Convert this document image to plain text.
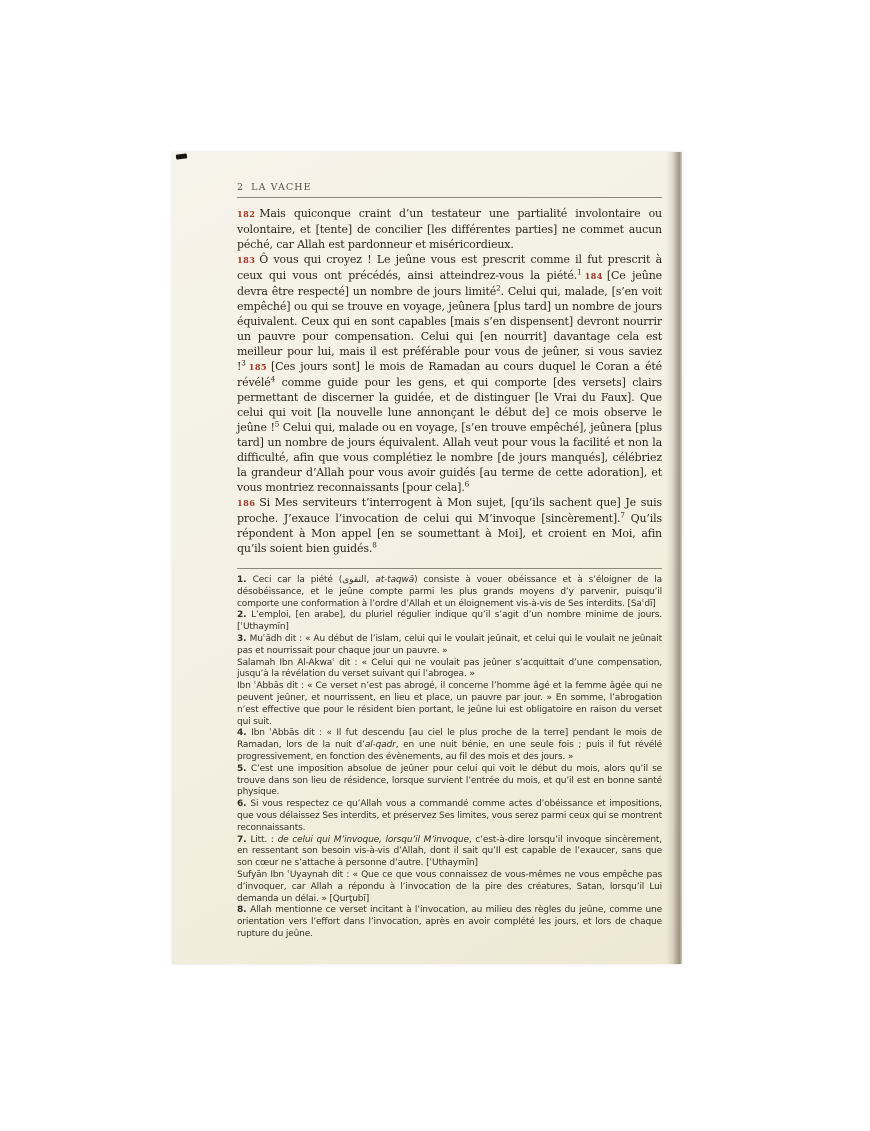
2 LA VACHE

182 Mais quiconque craint d’un testateur une partialité involontaire ou volontaire, et [tente] de concilier [les différentes parties] ne commet aucun péché, car Allah est pardonneur et miséricordieux.

183 Ô vous qui croyez ! Le jeûne vous est prescrit comme il fut prescrit à ceux qui vous ont précédés, ainsi atteindrez-vous la piété.$^1$ 184 [Ce jeûne devra être respecté] un nombre de jours limité$^2$. Celui qui, malade, [s’en voit empêché] ou qui se trouve en voyage, jeûnera [plus tard] un nombre de jours équivalent. Ceux qui en sont capables [mais s’en dispensent] devront nourrir un pauvre pour compensation. Celui qui [en nourrit] davantage cela est meilleur pour lui, mais il est préférable pour vous de jeûner, si vous saviez !$^3$ 185 [Ces jours sont] le mois de Ramadan au cours duquel le Coran a été révélé$^4$ comme guide pour les gens, et qui comporte [des versets] clairs permettant de discerner la guidée, et de distinguer [le Vrai du Faux]. Que celui qui voit [la nouvelle lune annonçant le début de] ce mois observe le jeûne !$^5$ Celui qui, malade ou en voyage, [s’en trouve empêché], jeûnera [plus tard] un nombre de jours équivalent. Allah veut pour vous la facilité et non la difficulté, afin que vous complétiez le nombre [de jours manqués], célébriez la grandeur d’Allah pour vous avoir guidés [au terme de cette adoration], et vous montriez reconnaissants [pour cela].$^6$

186 Si Mes serviteurs t’interrogent à Mon sujet, [qu’ils sachent que] Je suis proche. J’exauce l’invocation de celui qui M’invoque [sincèrement].$^7$ Qu’ils répondent à Mon appel [en se soumettant à Moi], et croient en Moi, afin qu’ils soient bien guidés.$^8$

1. Ceci car la piété (التقوى, at-taqwā) consiste à vouer obéissance et à s’éloigner de la désobéissance, et le jeûne compte parmi les plus grands moyens d’y parvenir, puisqu’il comporte une conformation à l’ordre d’Allah et un éloignement vis-à-vis de Ses interdits. [Saʿdī]

2. L’emploi, [en arabe], du pluriel régulier indique qu’il s’agit d’un nombre minime de jours. [ʿUthaymīn]

3. Muʿādh dit : « Au début de l’islam, celui qui le voulait jeûnait, et celui qui le voulait ne jeûnait pas et nourrissait pour chaque jour un pauvre. »

Salamah Ibn Al-Akwaʿ dit : « Celui qui ne voulait pas jeûner s’acquittait d’une compensation, jusqu’à la révélation du verset suivant qui l’abrogea. »

Ibn ʿAbbās dit : « Ce verset n’est pas abrogé, il concerne l’homme âgé et la femme âgée qui ne peuvent jeûner, et nourrissent, en lieu et place, un pauvre par jour. » En somme, l’abrogation n’est effective que pour le résident bien portant, le jeûne lui est obligatoire en raison du verset qui suit.

4. Ibn ʿAbbās dit : « Il fut descendu [au ciel le plus proche de la terre] pendant le mois de Ramadan, lors de la nuit d’al-qadr, en une nuit bénie, en une seule fois ; puis il fut révélé progressivement, en fonction des évènements, au fil des mois et des jours. »

5. C’est une imposition absolue de jeûner pour celui qui voit le début du mois, alors qu’il se trouve dans son lieu de résidence, lorsque survient l’entrée du mois, et qu’il est en bonne santé physique.

6. Si vous respectez ce qu’Allah vous a commandé comme actes d’obéissance et impositions, que vous délaissez Ses interdits, et préservez Ses limites, vous serez parmi ceux qui se montrent reconnaissants.

7. Litt. : de celui qui M’invoque, lorsqu’il M’invoque, c’est-à-dire lorsqu’il invoque sincèrement, en ressentant son besoin vis-à-vis d’Allah, dont il sait qu’Il est capable de l’exaucer, sans que son cœur ne s’attache à personne d’autre. [ʿUthaymīn]

Sufyān Ibn ʿUyaynah dit : « Que ce que vous connaissez de vous-mêmes ne vous empêche pas d’invoquer, car Allah a répondu à l’invocation de la pire des créatures, Satan, lorsqu’il Lui demanda un délai. » [Qurţubī]

8. Allah mentionne ce verset incitant à l’invocation, au milieu des règles du jeûne, comme une orientation vers l’effort dans l’invocation, après en avoir complété les jours, et lors de chaque rupture du jeûne.
